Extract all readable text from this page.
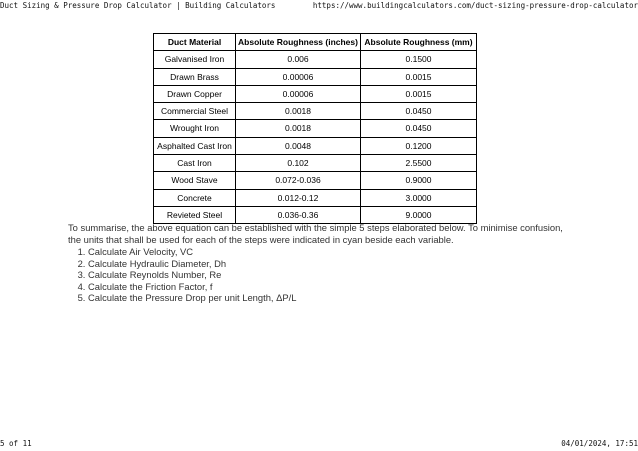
Duct Sizing & Pressure Drop Calculator | Building Calculators	https://www.buildingcalculators.com/duct-sizing-pressure-drop-calculator
Duct Material	Absolute Roughness (inches)	Absolute Roughness (mm)
Galvanised Iron	0.006	0.1500
Drawn Brass	0.00006	0.0015
Drawn Copper	0.00006	0.0015
Commercial Steel	0.0018	0.0450
Wrought Iron	0.0018	0.0450
Asphalted Cast Iron	0.0048	0.1200
Cast Iron	0.102	2.5500
Wood Stave	0.072-0.036	0.9000
Concrete	0.012-0.12	3.0000
Revieted Steel	0.036-0.36	9.0000

To summarise, the above equation can be established with the simple 5 steps elaborated below. To minimise confusion, the units that shall be used for each of the steps were indicated in cyan beside each variable.

1. Calculate Air Velocity, VC
2. Calculate Hydraulic Diameter, Dh
3. Calculate Reynolds Number, Re
4. Calculate the Friction Factor, f
5. Calculate the Pressure Drop per unit Length, ΔP/L
5 of 11	04/01/2024, 17:51
